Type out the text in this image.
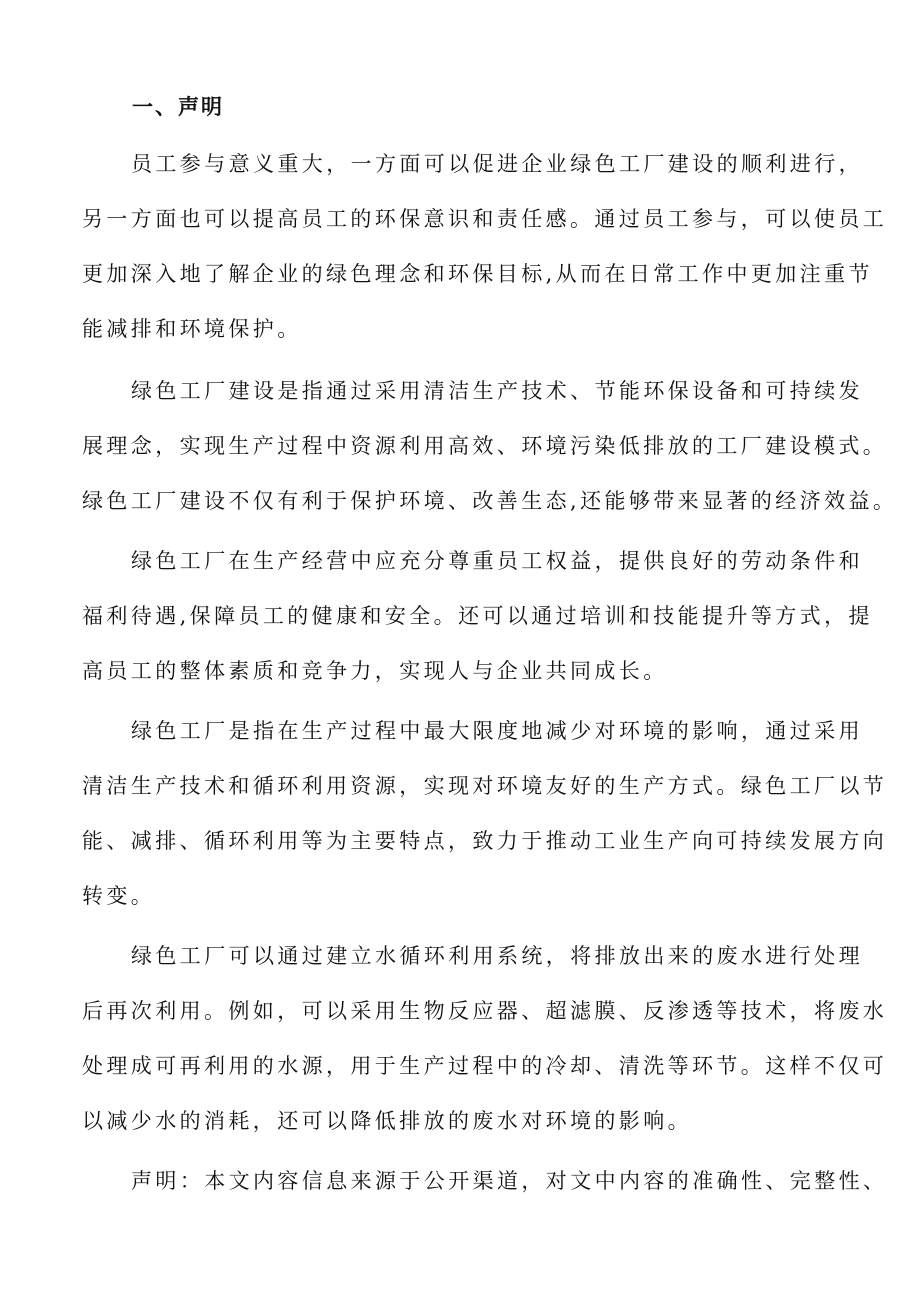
一、声明
员工参与意义重大，一方面可以促进企业绿色工厂建设的顺利进行，
另一方面也可以提高员工的环保意识和责任感。通过员工参与，可以使员工
更加深入地了解企业的绿色理念和环保目标,从而在日常工作中更加注重节
能减排和环境保护。
绿色工厂建设是指通过采用清洁生产技术、节能环保设备和可持续发
展理念，实现生产过程中资源利用高效、环境污染低排放的工厂建设模式。
绿色工厂建设不仅有利于保护环境、改善生态,还能够带来显著的经济效益。
绿色工厂在生产经营中应充分尊重员工权益，提供良好的劳动条件和
福利待遇,保障员工的健康和安全。还可以通过培训和技能提升等方式，提
高员工的整体素质和竞争力，实现人与企业共同成长。
绿色工厂是指在生产过程中最大限度地减少对环境的影响，通过采用
清洁生产技术和循环利用资源，实现对环境友好的生产方式。绿色工厂以节
能、减排、循环利用等为主要特点，致力于推动工业生产向可持续发展方向
转变。
绿色工厂可以通过建立水循环利用系统，将排放出来的废水进行处理
后再次利用。例如，可以采用生物反应器、超滤膜、反渗透等技术，将废水
处理成可再利用的水源，用于生产过程中的冷却、清洗等环节。这样不仅可
以减少水的消耗，还可以降低排放的废水对环境的影响。
声明：本文内容信息来源于公开渠道，对文中内容的准确性、完整性、
